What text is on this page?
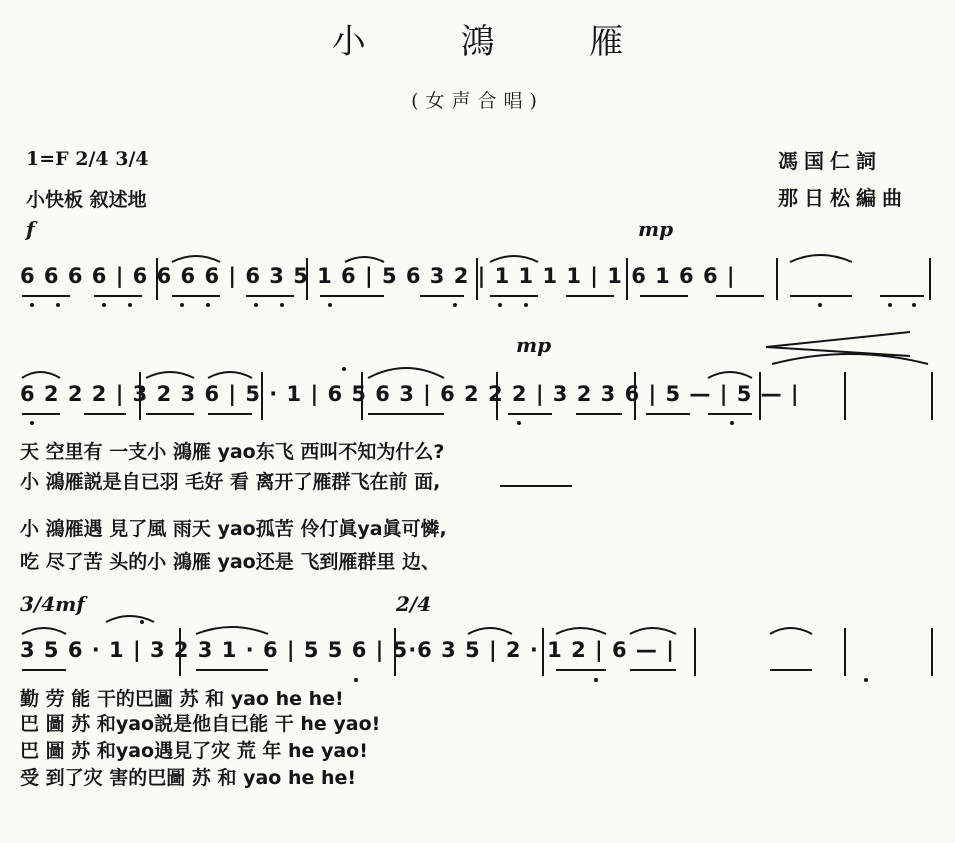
小 鴻 雁
(女声合唱)
1=F 2/4 3/4
小快板 叙述地
馮国仁詞
那日松編曲
f	mp
mp
3/4mf	2/4
6 6 6 6 | 6 6 6 6 | 6 3 5 1 6 | 5 6 3 2 | 1 1 1 1 | 1 6 1 6 6 |
6 2 2 2 | 3 2 3 6 | 5 · 1 | 6 5 6 3 | 6 2 2 2 | 3 2 3 6 | 5 — | 5 — |
3 5 6 · 1 | 3 2 3 1 · 6 | 5 5 6 | 5·6 3 5 | 2 · 1 2 | 6 — |
天 空里有 一支小 鴻雁 yao东飞 西叫不知为什么?
小 鴻雁説是自已羽 毛好 看 离开了雁群飞在前 面,
小 鴻雁遇 見了風 雨天 yao孤苦 伶仃眞ya眞可憐,
吃 尽了苦 头的小 鴻雁 yao还是 飞到雁群里 边、
勤 劳 能 干的巴圖 苏 和 yao he he!
巴 圖 苏 和yao説是他自已能 干 he yao!
巴 圖 苏 和yao遇見了灾 荒 年 he yao!
受 到了灾 害的巴圖 苏 和 yao he he!
